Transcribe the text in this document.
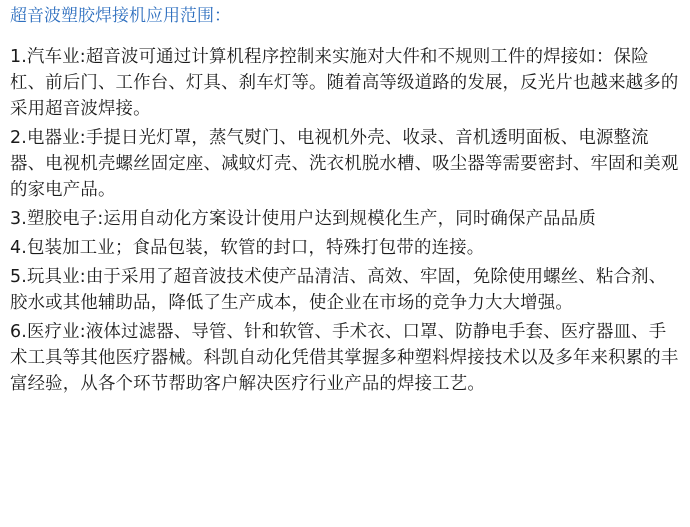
超音波塑胶焊接机应用范围：
1.汽车业:超音波可通过计算机程序控制来实施对大件和不规则工件的焊接如：保险杠、前后门、工作台、灯具、刹车灯等。随着高等级道路的发展，反光片也越来越多的采用超音波焊接。
2.电器业:手提日光灯罩，蒸气熨门、电视机外壳、收录、音机透明面板、电源整流器、电视机壳螺丝固定座、减蚊灯壳、洗衣机脱水槽、吸尘器等需要密封、牢固和美观的家电产品。
3.塑胶电子:运用自动化方案设计使用户达到规模化生产，同时确保产品品质
4.包装加工业；食品包装，软管的封口，特殊打包带的连接。
5.玩具业:由于采用了超音波技术使产品清洁、高效、牢固，免除使用螺丝、粘合剂、胶水或其他辅助品，降低了生产成本，使企业在市场的竞争力大大增强。
6.医疗业:液体过滤器、导管、针和软管、手术衣、口罩、防静电手套、医疗器皿、手术工具等其他医疗器械。科凯自动化凭借其掌握多种塑料焊接技术以及多年来积累的丰富经验，从各个环节帮助客户解决医疗行业产品的焊接工艺。
